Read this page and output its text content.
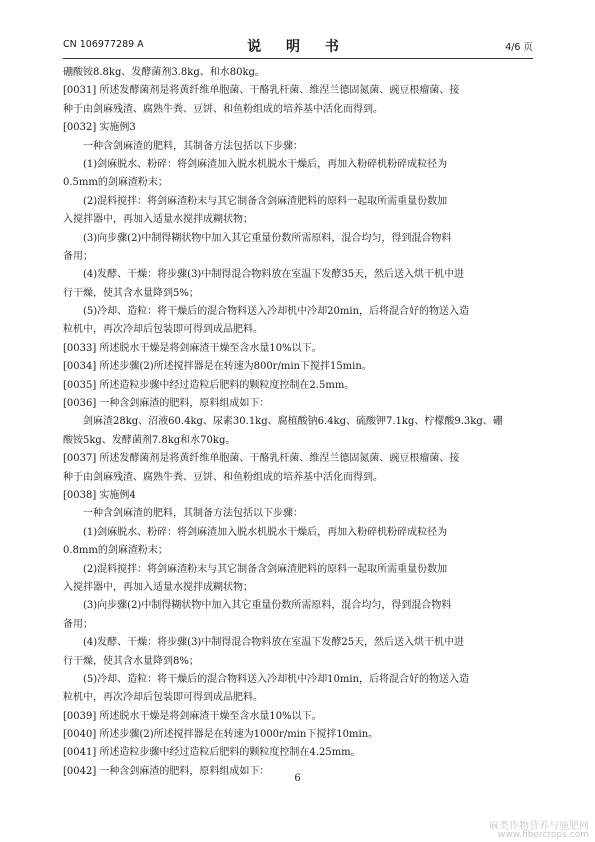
CN 106977289 A	说 明 书	4/6 页
硼酸铵8.8kg、发酵菌剂3.8kg、和水80kg。
[0031] 所述发酵菌剂是将黄纤维单胞菌、干酪乳杆菌、维涅兰德固氮菌、豌豆根瘤菌、接
种于由剑麻残渣、腐熟牛粪、豆饼、和鱼粉组成的培养基中活化而得到。
[0032] 实施例3
一种含剑麻渣的肥料，其制备方法包括以下步骤：
(1)剑麻脱水、粉碎：将剑麻渣加入脱水机脱水干燥后，再加入粉碎机粉碎成粒径为
0.5mm的剑麻渣粉末；
(2)混料搅拌：将剑麻渣粉末与其它制备含剑麻渣肥料的原料一起取所需重量份数加
入搅拌器中，再加入适量水搅拌成糊状物；
(3)向步骤(2)中制得糊状物中加入其它重量份数所需原料，混合均匀，得到混合物料
备用；
(4)发酵、干燥：将步骤(3)中制得混合物料放在室温下发酵35天，然后送入烘干机中进
行干燥，使其含水量降到5%；
(5)冷却、造粒：将干燥后的混合物料送入冷却机中冷却20min，后将混合好的物送入造
粒机中，再次冷却后包装即可得到成品肥料。
[0033] 所述脱水干燥是将剑麻渣干燥至含水量10%以下。
[0034] 所述步骤(2)所述搅拌器是在转速为800r/min下搅拌15min。
[0035] 所述造粒步骤中经过造粒后肥料的颗粒度控制在2.5mm。
[0036] 一种含剑麻渣的肥料，原料组成如下：
剑麻渣28kg、沼液60.4kg、尿素30.1kg、腐植酸钠6.4kg、硫酸钾7.1kg、柠檬酸9.3kg、硼
酸铵5kg、发酵菌剂7.8kg和水70kg。
[0037] 所述发酵菌剂是将黄纤维单胞菌、干酪乳杆菌、维涅兰德固氮菌、豌豆根瘤菌、接
种于由剑麻残渣、腐熟牛粪、豆饼、和鱼粉组成的培养基中活化而得到。
[0038] 实施例4
一种含剑麻渣的肥料，其制备方法包括以下步骤：
(1)剑麻脱水、粉碎：将剑麻渣加入脱水机脱水干燥后，再加入粉碎机粉碎成粒径为
0.8mm的剑麻渣粉末；
(2)混料搅拌：将剑麻渣粉末与其它制备含剑麻渣肥料的原料一起取所需重量份数加
入搅拌器中，再加入适量水搅拌成糊状物；
(3)向步骤(2)中制得糊状物中加入其它重量份数所需原料，混合均匀，得到混合物料
备用；
(4)发酵、干燥：将步骤(3)中制得混合物料放在室温下发酵25天，然后送入烘干机中进
行干燥，使其含水量降到8%；
(5)冷却、造粒：将干燥后的混合物料送入冷却机中冷却10min，后将混合好的物送入造
粒机中，再次冷却后包装即可得到成品肥料。
[0039] 所述脱水干燥是将剑麻渣干燥至含水量10%以下。
[0040] 所述步骤(2)所述搅拌器是在转速为1000r/min下搅拌10min。
[0041] 所述造粒步骤中经过造粒后肥料的颗粒度控制在4.25mm。
[0042] 一种含剑麻渣的肥料，原料组成如下：
6
麻类作物营养与施肥网
www.fibercrops.com
